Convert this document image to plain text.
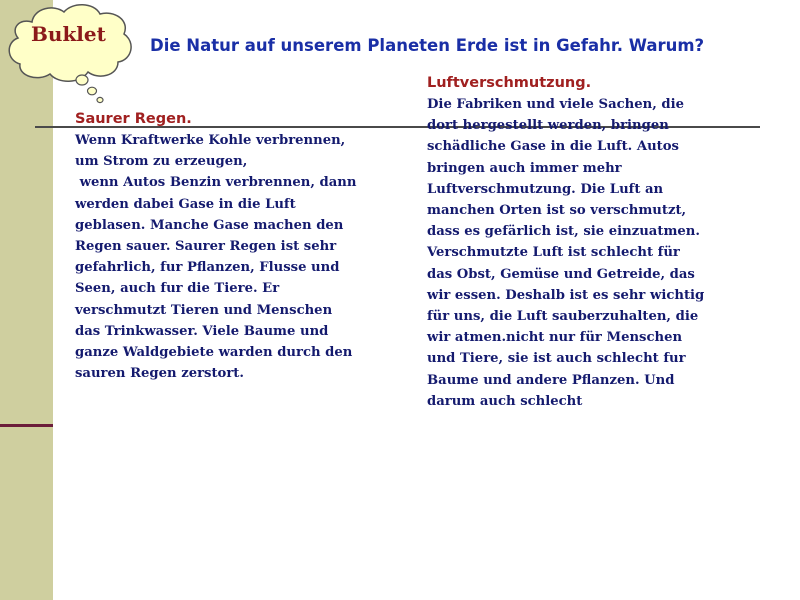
Buklet	Die Natur auf unserem Planeten Erde ist in Gefahr. Warum?
Saurer Regen.
Wenn Kraftwerke Kohle verbrennen,
um Strom zu erzeugen,
wenn Autos Benzin verbrennen, dann
werden dabei Gase in die Luft
geblasen. Manche Gase machen den
Regen sauer. Saurer Regen ist sehr
gefahrlich, fur Pflanzen, Flusse und
Seen, auch fur die Tiere. Er
verschmutzt Tieren und Menschen
das Trinkwasser. Viele Baume und
ganze Waldgebiete warden durch den
sauren Regen zerstort.
Luftverschmutzung.
Die Fabriken und viele Sachen, die
dort hergestellt werden, bringen
schädliche Gase in die Luft. Autos
bringen auch immer mehr
Luftverschmutzung. Die Luft an
manchen Orten ist so verschmutzt,
dass es gefärlich ist, sie einzuatmen.
Verschmutzte Luft ist schlecht für
das Obst, Gemüse und Getreide, das
wir essen. Deshalb ist es sehr wichtig
für uns, die Luft sauberzuhalten, die
wir atmen.nicht nur für Menschen
und Tiere, sie ist auch schlecht fur
Baume und andere Pflanzen. Und
darum auch schlecht
